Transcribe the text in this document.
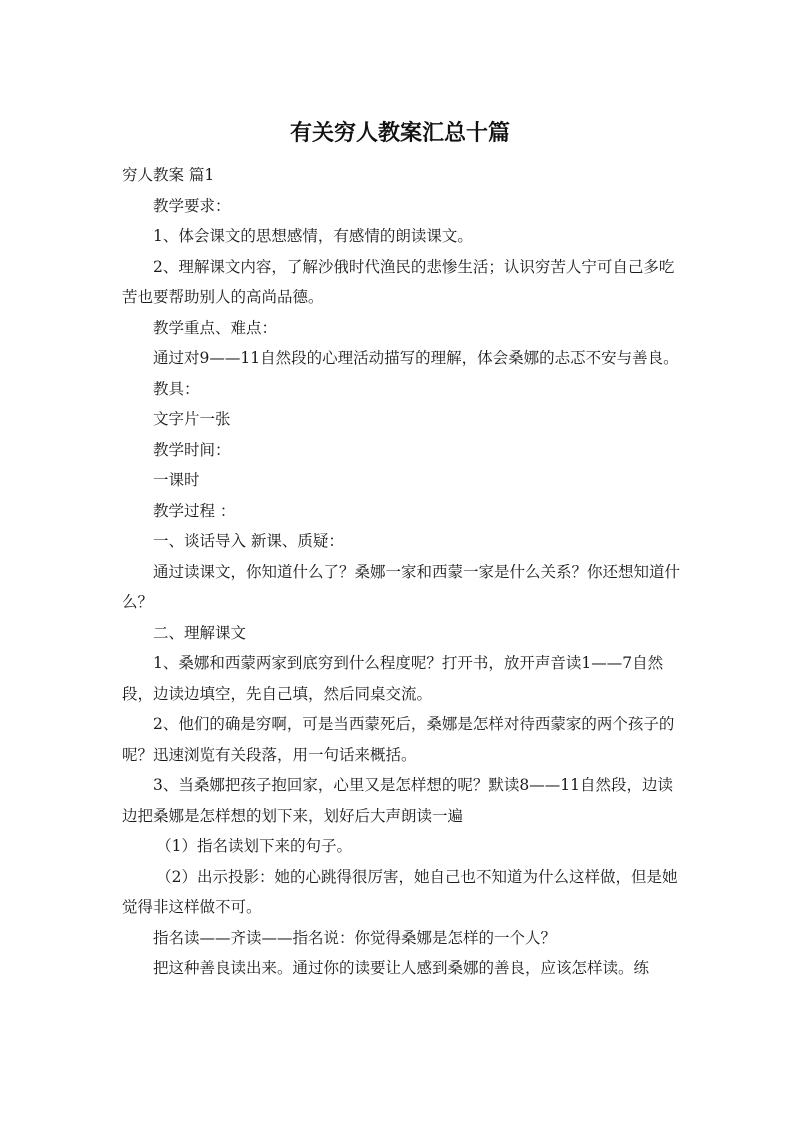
有关穷人教案汇总十篇

穷人教案 篇1

教学要求：

1、体会课文的思想感情，有感情的朗读课文。

2、理解课文内容，了解沙俄时代渔民的悲惨生活；认识穷苦人宁可自己多吃苦也要帮助别人的高尚品德。

教学重点、难点：

通过对9——11自然段的心理活动描写的理解，体会桑娜的忐忑不安与善良。

教具：

文字片一张

教学时间：

一课时

教学过程 ：

一、谈话导入 新课、质疑：

通过读课文，你知道什么了？桑娜一家和西蒙一家是什么关系？你还想知道什么？

二、理解课文

1、桑娜和西蒙两家到底穷到什么程度呢？打开书，放开声音读1——7自然段，边读边填空，先自己填，然后同桌交流。

2、他们的确是穷啊，可是当西蒙死后，桑娜是怎样对待西蒙家的两个孩子的呢？迅速浏览有关段落，用一句话来概括。

3、当桑娜把孩子抱回家，心里又是怎样想的呢？默读8——11自然段，边读边把桑娜是怎样想的划下来，划好后大声朗读一遍

（1）指名读划下来的句子。

（2）出示投影：她的心跳得很厉害，她自己也不知道为什么这样做，但是她觉得非这样做不可。

指名读——齐读——指名说：你觉得桑娜是怎样的一个人？

把这种善良读出来。通过你的读要让人感到桑娜的善良，应该怎样读。练
